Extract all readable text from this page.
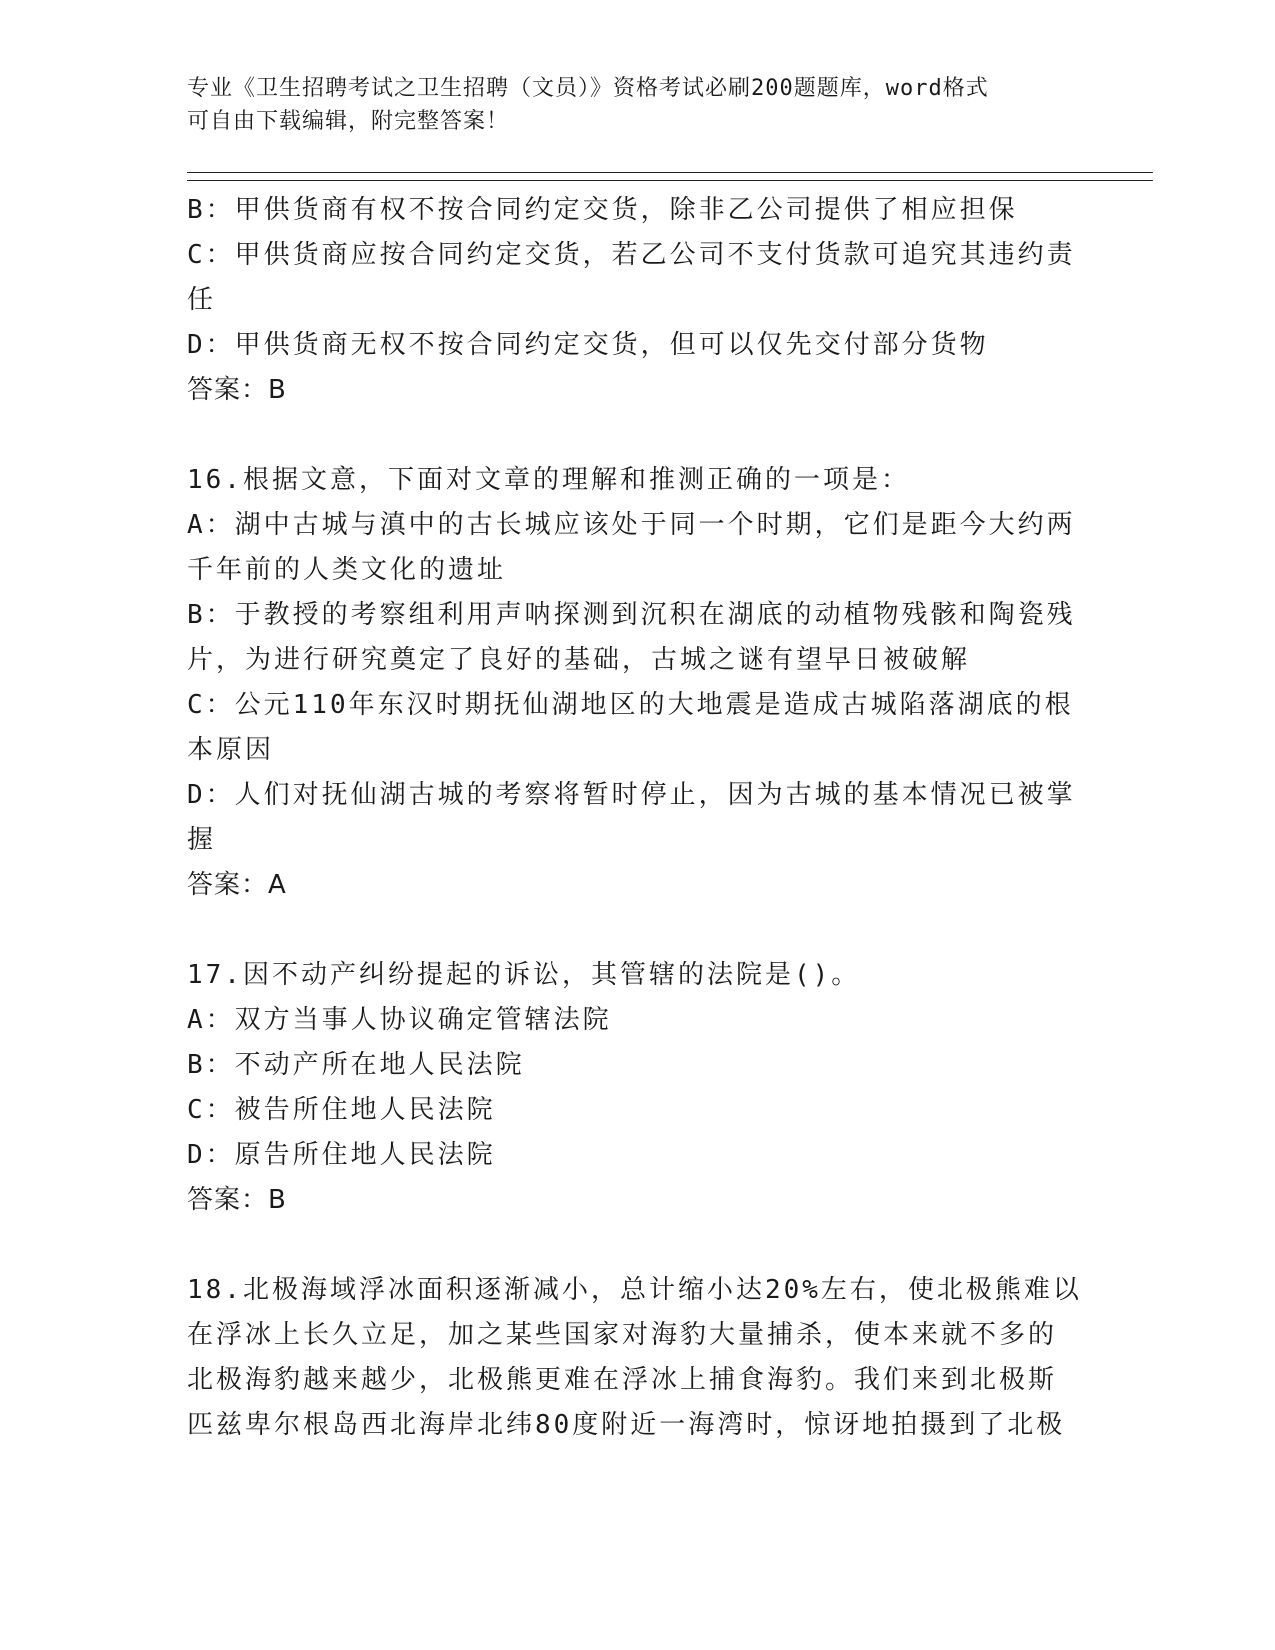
专业《卫生招聘考试之卫生招聘（文员）》资格考试必刷200题题库，word格式
可自由下载编辑，附完整答案！
B：甲供货商有权不按合同约定交货，除非乙公司提供了相应担保
C：甲供货商应按合同约定交货，若乙公司不支付货款可追究其违约责
任
D：甲供货商无权不按合同约定交货，但可以仅先交付部分货物
答案：B
16.根据文意，下面对文章的理解和推测正确的一项是：
A：湖中古城与滇中的古长城应该处于同一个时期，它们是距今大约两
千年前的人类文化的遗址
B：于教授的考察组利用声呐探测到沉积在湖底的动植物残骸和陶瓷残
片，为进行研究奠定了良好的基础，古城之谜有望早日被破解
C：公元110年东汉时期抚仙湖地区的大地震是造成古城陷落湖底的根
本原因
D：人们对抚仙湖古城的考察将暂时停止，因为古城的基本情况已被掌
握
答案：A
17.因不动产纠纷提起的诉讼，其管辖的法院是()。
A：双方当事人协议确定管辖法院
B：不动产所在地人民法院
C：被告所住地人民法院
D：原告所住地人民法院
答案：B
18.北极海域浮冰面积逐渐减小，总计缩小达20%左右，使北极熊难以
在浮冰上长久立足，加之某些国家对海豹大量捕杀，使本来就不多的
北极海豹越来越少，北极熊更难在浮冰上捕食海豹。我们来到北极斯
匹兹卑尔根岛西北海岸北纬80度附近一海湾时，惊讶地拍摄到了北极
